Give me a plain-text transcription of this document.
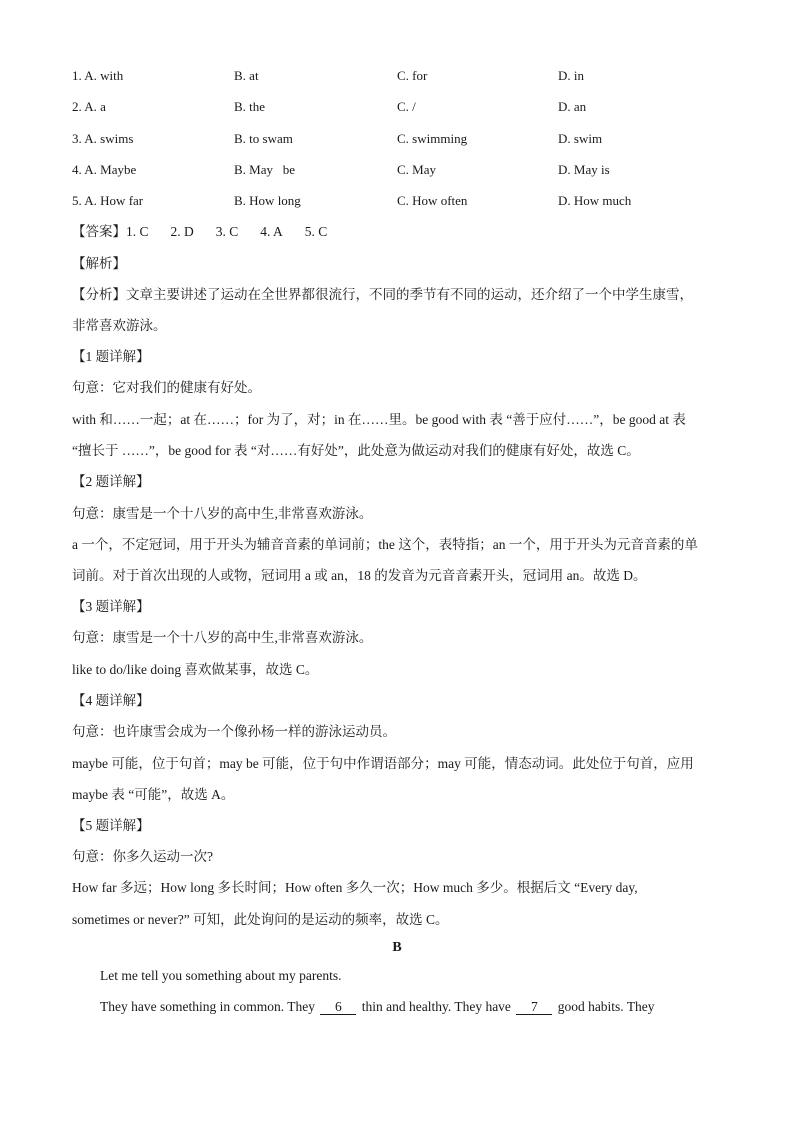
1. A. with	B. at	C. for	D. in
2. A. a	B. the	C. /	D. an
3. A. swims	B. to swam	C. swimming	D. swim
4. A. Maybe	B. May   be	C. May	D. May is
5. A. How far	B. How long	C. How often	D. How much
【答案】1. C 2. D 3. C 4. A 5. C
【解析】
【分析】文章主要讲述了运动在全世界都很流行，不同的季节有不同的运动，还介绍了一个中学生康雪，
非常喜欢游泳。
【1 题详解】
句意：它对我们的健康有好处。
with 和……一起；at 在……；for 为了，对；in 在……里。be good with 表 “善于应付……”，be good at 表
“擅长于 ……”，be good for 表 “对……有好处”，此处意为做运动对我们的健康有好处，故选 C。
【2 题详解】
句意：康雪是一个十八岁的高中生,非常喜欢游泳。
a 一个，不定冠词，用于开头为辅音音素的单词前；the 这个，表特指；an 一个，用于开头为元音音素的单
词前。对于首次出现的人或物，冠词用 a 或 an，18 的发音为元音音素开头，冠词用 an。故选 D。
【3 题详解】
句意：康雪是一个十八岁的高中生,非常喜欢游泳。
like to do/like doing 喜欢做某事，故选 C。
【4 题详解】
句意：也许康雪会成为一个像孙杨一样的游泳运动员。
maybe 可能，位于句首；may be 可能，位于句中作谓语部分；may 可能，情态动词。此处位于句首，应用
maybe 表 “可能”，故选 A。
【5 题详解】
句意：你多久运动一次?
How far 多远；How long 多长时间；How often 多久一次；How much 多少。根据后文 “Every day,
sometimes or never?” 可知，此处询问的是运动的频率，故选 C。
B
Let me tell you something about my parents.
They have something in common. They 6 thin and healthy. They have 7 good habits. They
